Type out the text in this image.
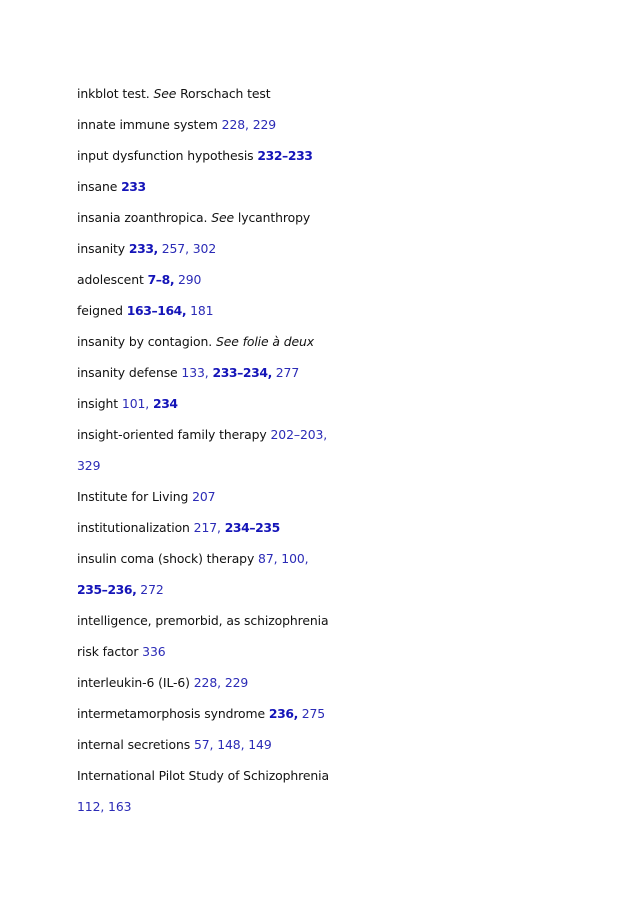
inkblot test. See Rorschach test
innate immune system 228, 229
input dysfunction hypothesis 232–233
insane 233
insania zoanthropica. See lycanthropy
insanity 233, 257, 302
adolescent 7–8, 290
feigned 163–164, 181
insanity by contagion. See folie à deux
insanity defense 133, 233–234, 277
insight 101, 234
insight-oriented family therapy 202–203,
329
Institute for Living 207
institutionalization 217, 234–235
insulin coma (shock) therapy 87, 100,
235–236, 272
intelligence, premorbid, as schizophrenia
risk factor 336
interleukin-6 (IL-6) 228, 229
intermetamorphosis syndrome 236, 275
internal secretions 57, 148, 149
International Pilot Study of Schizophrenia
112, 163
